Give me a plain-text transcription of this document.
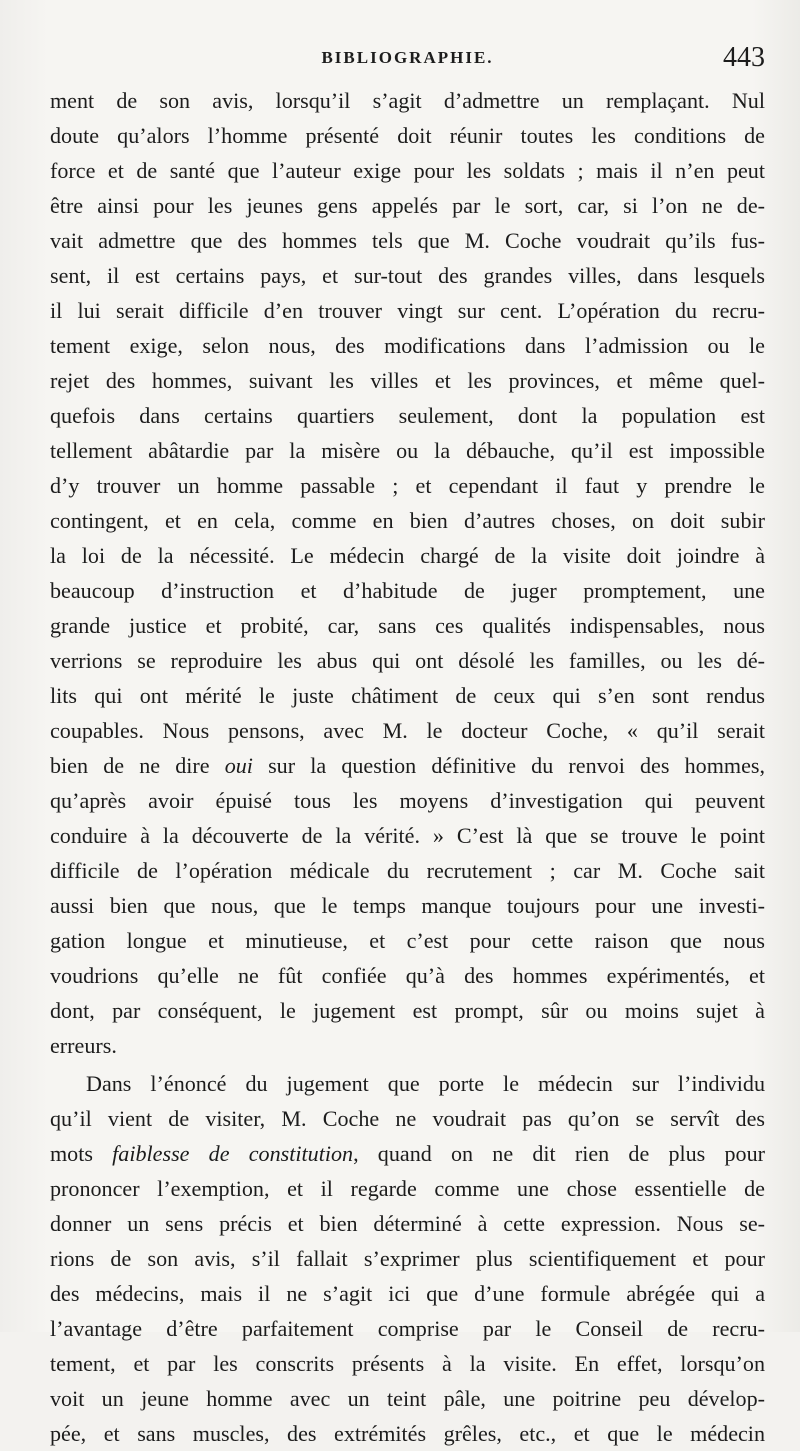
BIBLIOGRAPHIE.	443
ment de son avis, lorsqu’il s’agit d’admettre un remplaçant. Nul
doute qu’alors l’homme présenté doit réunir toutes les conditions de
force et de santé que l’auteur exige pour les soldats ; mais il n’en peut
être ainsi pour les jeunes gens appelés par le sort, car, si l’on ne de-
vait admettre que des hommes tels que M. Coche voudrait qu’ils fus-
sent, il est certains pays, et sur-tout des grandes villes, dans lesquels
il lui serait difficile d’en trouver vingt sur cent. L’opération du recru-
tement exige, selon nous, des modifications dans l’admission ou le
rejet des hommes, suivant les villes et les provinces, et même quel-
quefois dans certains quartiers seulement, dont la population est
tellement abâtardie par la misère ou la débauche, qu’il est impossible
d’y trouver un homme passable ; et cependant il faut y prendre le
contingent, et en cela, comme en bien d’autres choses, on doit subir
la loi de la nécessité. Le médecin chargé de la visite doit joindre à
beaucoup d’instruction et d’habitude de juger promptement, une
grande justice et probité, car, sans ces qualités indispensables, nous
verrions se reproduire les abus qui ont désolé les familles, ou les dé-
lits qui ont mérité le juste châtiment de ceux qui s’en sont rendus
coupables. Nous pensons, avec M. le docteur Coche, « qu’il serait
bien de ne dire oui sur la question définitive du renvoi des hommes,
qu’après avoir épuisé tous les moyens d’investigation qui peuvent
conduire à la découverte de la vérité. » C’est là que se trouve le point
difficile de l’opération médicale du recrutement ; car M. Coche sait
aussi bien que nous, que le temps manque toujours pour une investi-
gation longue et minutieuse, et c’est pour cette raison que nous
voudrions qu’elle ne fût confiée qu’à des hommes expérimentés, et
dont, par conséquent, le jugement est prompt, sûr ou moins sujet à
erreurs.
Dans l’énoncé du jugement que porte le médecin sur l’individu
qu’il vient de visiter, M. Coche ne voudrait pas qu’on se servît des
mots faiblesse de constitution, quand on ne dit rien de plus pour
prononcer l’exemption, et il regarde comme une chose essentielle de
donner un sens précis et bien déterminé à cette expression. Nous se-
rions de son avis, s’il fallait s’exprimer plus scientifiquement et pour
des médecins, mais il ne s’agit ici que d’une formule abrégée qui a
l’avantage d’être parfaitement comprise par le Conseil de recru-
tement, et par les conscrits présents à la visite. En effet, lorsqu’on
voit un jeune homme avec un teint pâle, une poitrine peu dévelop-
pée, et sans muscles, des extrémités grêles, etc., et que le médecin
